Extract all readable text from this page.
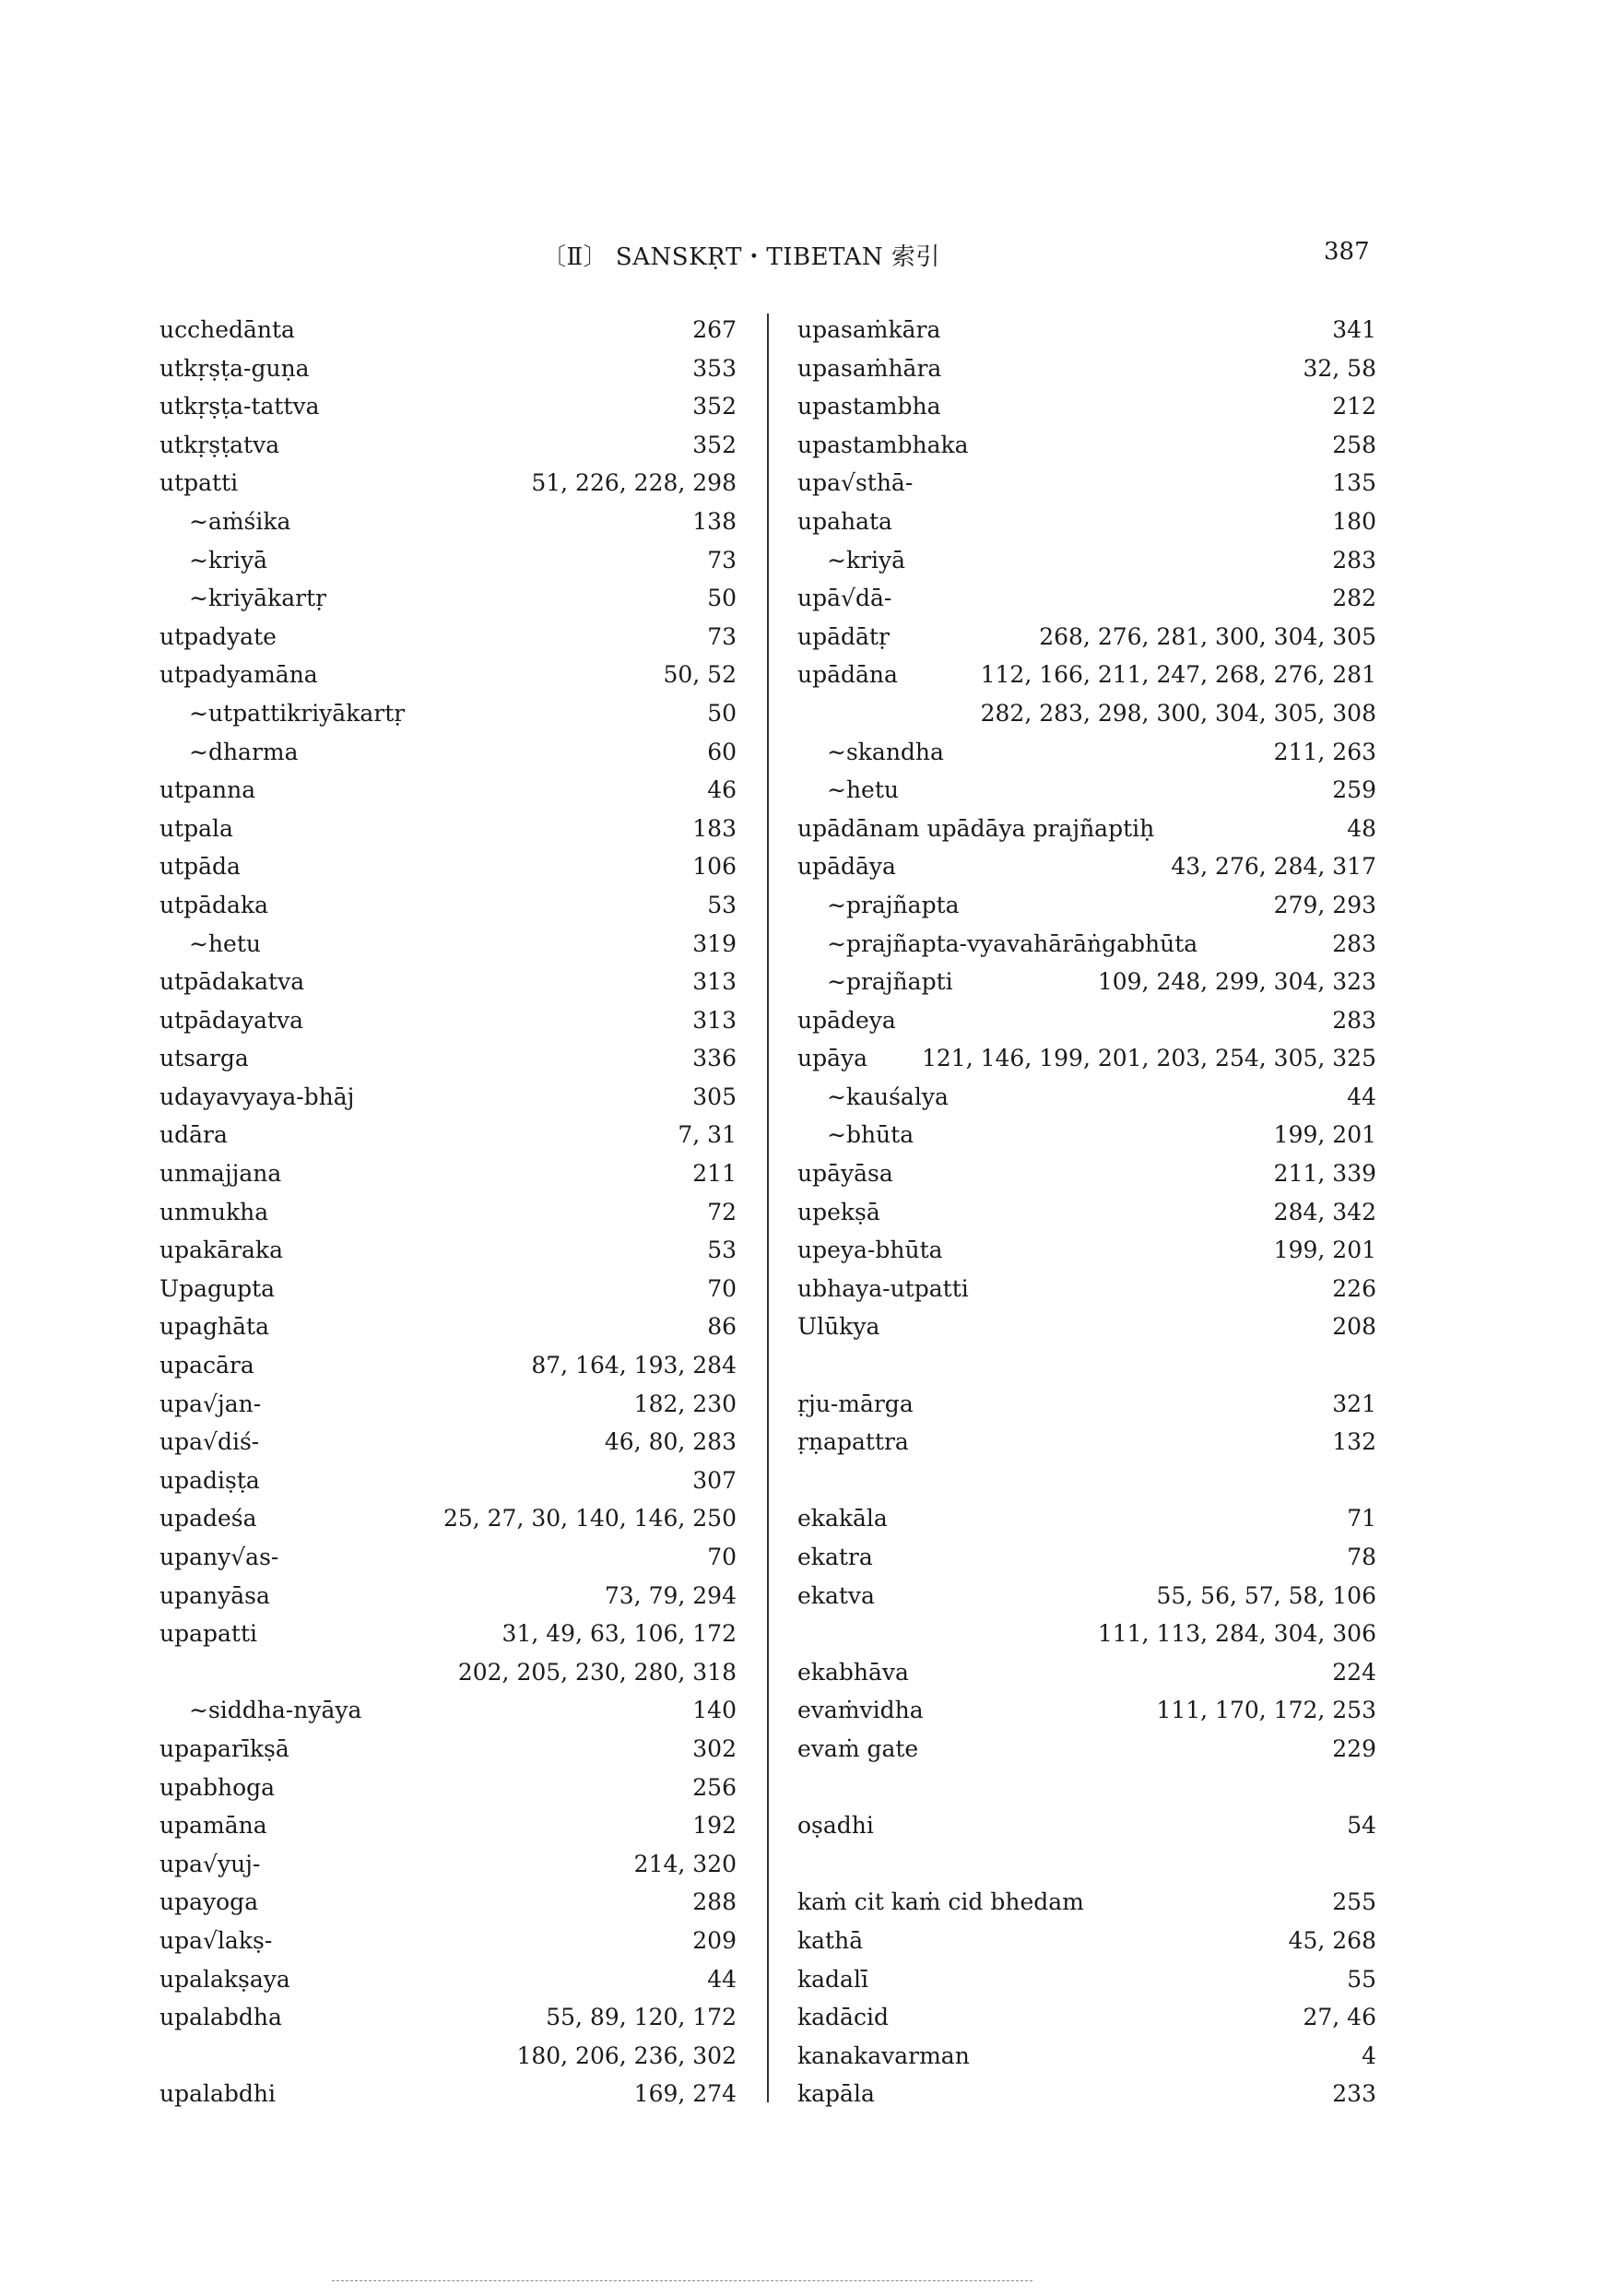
〔Ⅱ〕 SANSKṚT・TIBETAN 索引	387
ucchedānta	267
utkṛṣṭa-guṇa	353
utkṛṣṭa-tattva	352
utkṛṣṭatva	352
utpatti	51, 226, 228, 298
∼aṁśika	138
∼kriyā	73
∼kriyākartṛ	50
utpadyate	73
utpadyamāna	50, 52
∼utpattikriyākartṛ	50
∼dharma	60
utpanna	46
utpala	183
utpāda	106
utpādaka	53
∼hetu	319
utpādakatva	313
utpādayatva	313
utsarga	336
udayavyaya-bhāj	305
udāra	7, 31
unmajjana	211
unmukha	72
upakāraka	53
Upagupta	70
upaghāta	86
upacāra	87, 164, 193, 284
upa√jan-	182, 230
upa√diś-	46, 80, 283
upadiṣṭa	307
upadeśa	25, 27, 30, 140, 146, 250
upany√as-	70
upanyāsa	73, 79, 294
upapatti	31, 49, 63, 106, 172
202, 205, 230, 280, 318
∼siddha-nyāya	140
upaparīkṣā	302
upabhoga	256
upamāna	192
upa√yuj-	214, 320
upayoga	288
upa√lakṣ-	209
upalakṣaya	44
upalabdha	55, 89, 120, 172
180, 206, 236, 302
upalabdhi	169, 274
upasaṁkāra	341
upasaṁhāra	32, 58
upastambha	212
upastambhaka	258
upa√sthā-	135
upahata	180
∼kriyā	283
upā√dā-	282
upādātṛ	268, 276, 281, 300, 304, 305
upādāna	112, 166, 211, 247, 268, 276, 281
282, 283, 298, 300, 304, 305, 308
∼skandha	211, 263
∼hetu	259
upādānam upādāya prajñaptiḥ	48
upādāya	43, 276, 284, 317
∼prajñapta	279, 293
∼prajñapta-vyavahārāṅgabhūta	283
∼prajñapti	109, 248, 299, 304, 323
upādeya	283
upāya 121, 146, 199, 201, 203, 254, 305, 325
∼kauśalya	44
∼bhūta	199, 201
upāyāsa	211, 339
upekṣā	284, 342
upeya-bhūta	199, 201
ubhaya-utpatti	226
Ulūkya	208
ṛju-mārga	321
ṛṇapattra	132
ekakāla	71
ekatra	78
ekatva	55, 56, 57, 58, 106
111, 113, 284, 304, 306
ekabhāva	224
evaṁvidha	111, 170, 172, 253
evaṁ gate	229
oṣadhi	54
kaṁ cit kaṁ cid bhedam	255
kathā	45, 268
kadalī	55
kadācid	27, 46
kanakavarman	4
kapāla	233
